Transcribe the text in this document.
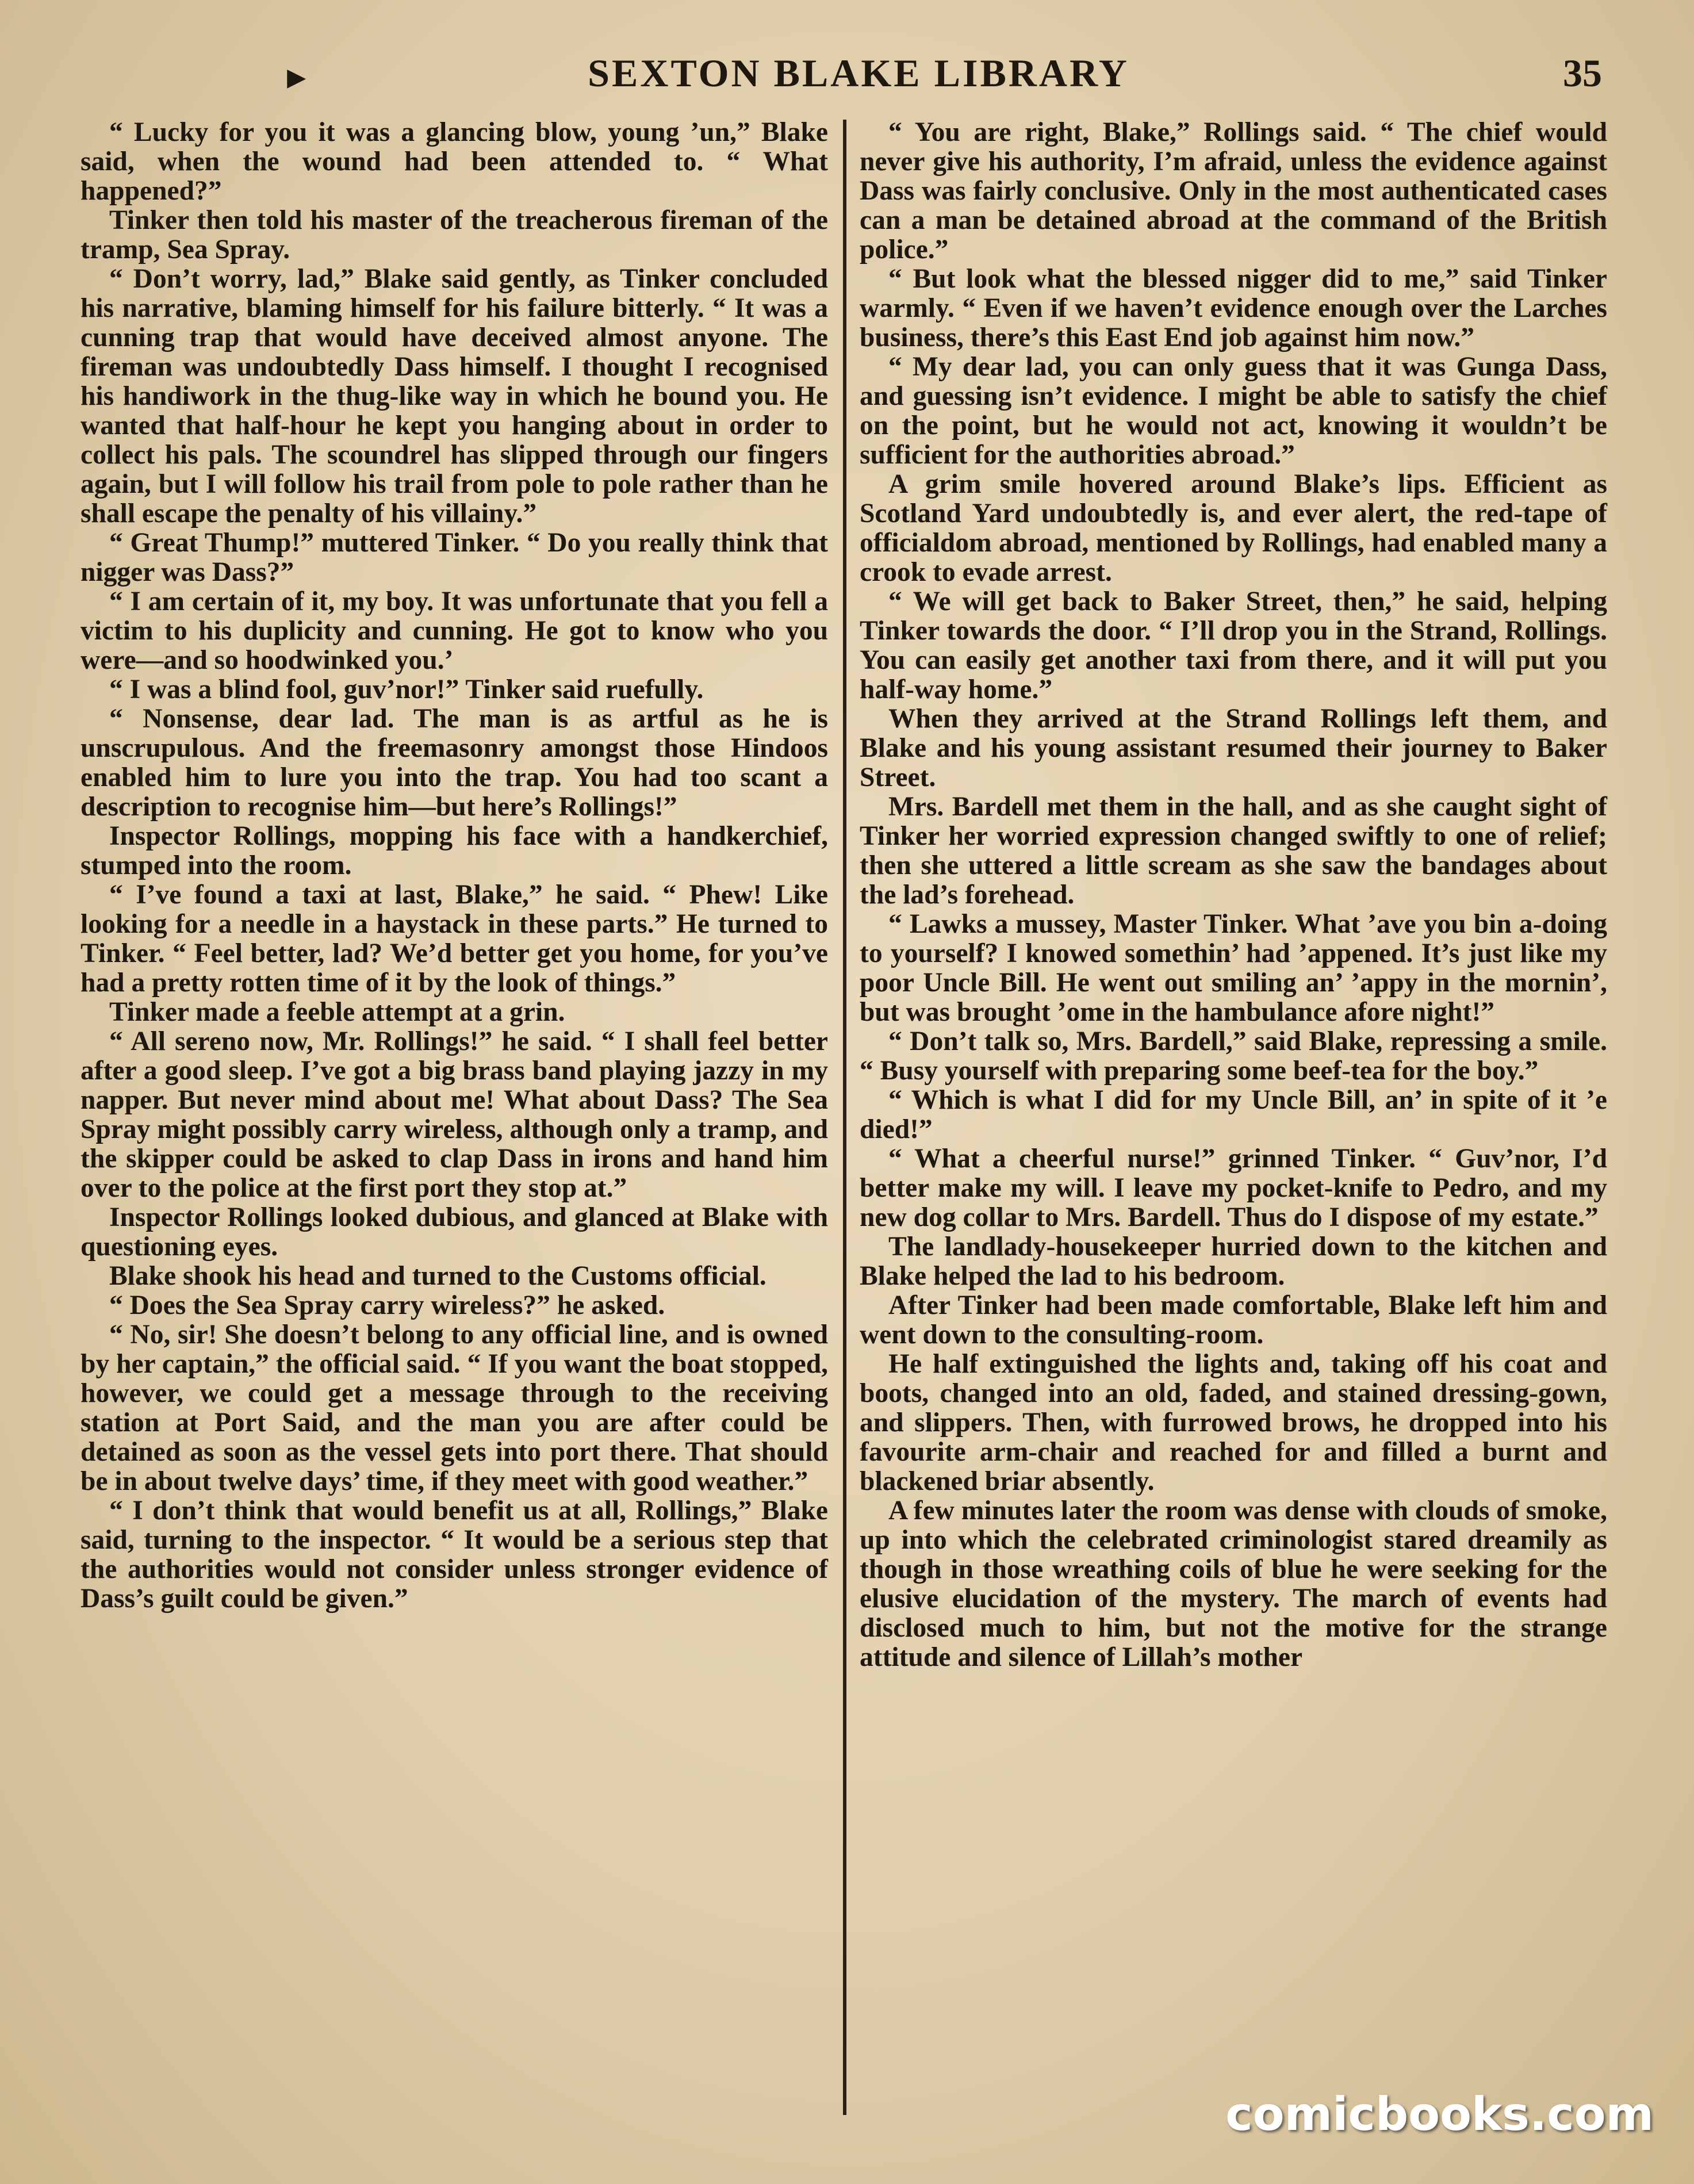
▸	SEXTON BLAKE LIBRARY	35

“ Lucky for you it was a glancing blow, young ’un,” Blake said, when the wound had been attended to. “ What happened?”

Tinker then told his master of the treacherous fireman of the tramp, Sea Spray.

“ Don’t worry, lad,” Blake said gently, as Tinker concluded his narrative, blaming himself for his failure bitterly. “ It was a cunning trap that would have deceived almost anyone. The fireman was undoubtedly Dass himself. I thought I recognised his handiwork in the thug-like way in which he bound you. He wanted that half-hour he kept you hanging about in order to collect his pals. The scoundrel has slipped through our fingers again, but I will follow his trail from pole to pole rather than he shall escape the penalty of his villainy.”

“ Great Thump!” muttered Tinker. “ Do you really think that nigger was Dass?”

“ I am certain of it, my boy. It was unfortunate that you fell a victim to his duplicity and cunning. He got to know who you were—and so hoodwinked you.’

“ I was a blind fool, guv’nor!” Tinker said ruefully.

“ Nonsense, dear lad. The man is as artful as he is unscrupulous. And the freemasonry amongst those Hindoos enabled him to lure you into the trap. You had too scant a description to recognise him—but here’s Rollings!”

Inspector Rollings, mopping his face with a handkerchief, stumped into the room.

“ I’ve found a taxi at last, Blake,” he said. “ Phew! Like looking for a needle in a haystack in these parts.” He turned to Tinker. “ Feel better, lad? We’d better get you home, for you’ve had a pretty rotten time of it by the look of things.”

Tinker made a feeble attempt at a grin.

“ All sereno now, Mr. Rollings!” he said. “ I shall feel better after a good sleep. I’ve got a big brass band playing jazzy in my napper. But never mind about me! What about Dass? The Sea Spray might possibly carry wireless, although only a tramp, and the skipper could be asked to clap Dass in irons and hand him over to the police at the first port they stop at.”

Inspector Rollings looked dubious, and glanced at Blake with questioning eyes.

Blake shook his head and turned to the Customs official.

“ Does the Sea Spray carry wireless?” he asked.

“ No, sir! She doesn’t belong to any official line, and is owned by her captain,” the official said. “ If you want the boat stopped, however, we could get a message through to the receiving station at Port Said, and the man you are after could be detained as soon as the vessel gets into port there. That should be in about twelve days’ time, if they meet with good weather.”

“ I don’t think that would benefit us at all, Rollings,” Blake said, turning to the inspector. “ It would be a serious step that the authorities would not consider unless stronger evidence of Dass’s guilt could be given.”

“ You are right, Blake,” Rollings said. “ The chief would never give his authority, I’m afraid, unless the evidence against Dass was fairly conclusive. Only in the most authenticated cases can a man be detained abroad at the command of the British police.”

“ But look what the blessed nigger did to me,” said Tinker warmly. “ Even if we haven’t evidence enough over the Larches business, there’s this East End job against him now.”

“ My dear lad, you can only guess that it was Gunga Dass, and guessing isn’t evidence. I might be able to satisfy the chief on the point, but he would not act, knowing it wouldn’t be sufficient for the authorities abroad.”

A grim smile hovered around Blake’s lips. Efficient as Scotland Yard undoubtedly is, and ever alert, the red-tape of officialdom abroad, mentioned by Rollings, had enabled many a crook to evade arrest.

“ We will get back to Baker Street, then,” he said, helping Tinker towards the door. “ I’ll drop you in the Strand, Rollings. You can easily get another taxi from there, and it will put you half-way home.”

When they arrived at the Strand Rollings left them, and Blake and his young assistant resumed their journey to Baker Street.

Mrs. Bardell met them in the hall, and as she caught sight of Tinker her worried expression changed swiftly to one of relief; then she uttered a little scream as she saw the bandages about the lad’s forehead.

“ Lawks a mussey, Master Tinker. What ’ave you bin a-doing to yourself? I knowed somethin’ had ’appened. It’s just like my poor Uncle Bill. He went out smiling an’ ’appy in the mornin’, but was brought ’ome in the hambulance afore night!”

“ Don’t talk so, Mrs. Bardell,” said Blake, repressing a smile. “ Busy yourself with preparing some beef-tea for the boy.”

“ Which is what I did for my Uncle Bill, an’ in spite of it ’e died!”

“ What a cheerful nurse!” grinned Tinker. “ Guv’nor, I’d better make my will. I leave my pocket-knife to Pedro, and my new dog collar to Mrs. Bardell. Thus do I dispose of my estate.”

The landlady-housekeeper hurried down to the kitchen and Blake helped the lad to his bedroom.

After Tinker had been made comfortable, Blake left him and went down to the consulting-room.

He half extinguished the lights and, taking off his coat and boots, changed into an old, faded, and stained dressing-gown, and slippers. Then, with furrowed brows, he dropped into his favourite arm-chair and reached for and filled a burnt and blackened briar absently.

A few minutes later the room was dense with clouds of smoke, up into which the celebrated criminologist stared dreamily as though in those wreathing coils of blue he were seeking for the elusive elucidation of the mystery. The march of events had disclosed much to him, but not the motive for the strange attitude and silence of Lillah’s mother

comicbooks.com
